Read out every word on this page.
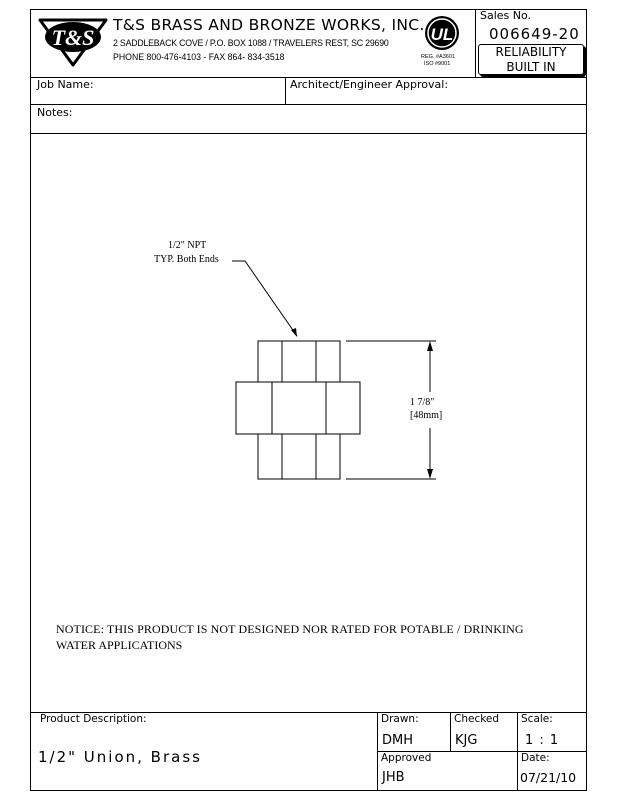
T&S T&S BRASS AND BRONZE WORKS, INC.
2 SADDLEBACK COVE / P.O. BOX 1088 / TRAVELERS REST, SC 29690
PHONE 800-476-4103 - FAX 864- 834-3518
UL
REG. #A3601
ISO #9001
Sales No.
006649-20
RELIABILITY
BUILT IN
Job Name:	Architect/Engineer Approval:
Notes:
1/2" NPT
TYP. Both Ends
1 7/8"
[48mm]
NOTICE: THIS PRODUCT IS NOT DESIGNED NOR RATED FOR POTABLE / DRINKING
WATER APPLICATIONS
Product Description:
1/2" Union, Brass
Drawn:
DMH
Checked
KJG
Scale:
1 : 1
Approved
JHB
Date:
07/21/10
